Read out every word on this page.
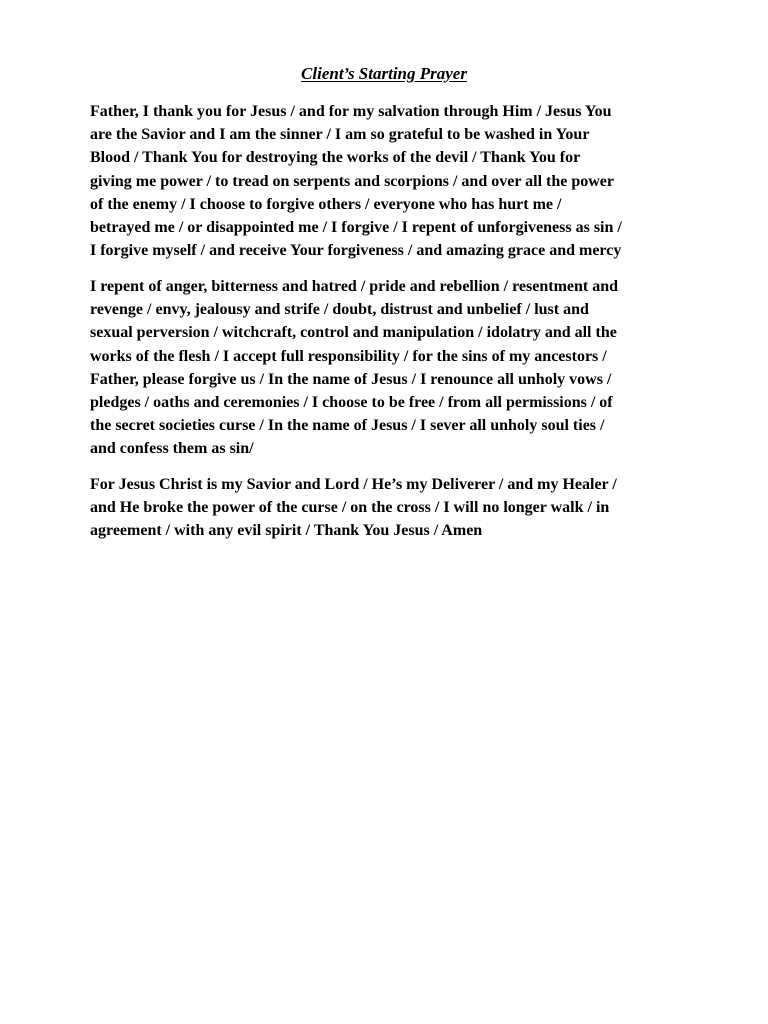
Client’s Starting Prayer

Father, I thank you for Jesus / and for my salvation through Him / Jesus You
are the Savior and I am the sinner / I am so grateful to be washed in Your
Blood / Thank You for destroying the works of the devil / Thank You for
giving me power / to tread on serpents and scorpions / and over all the power
of the enemy / I choose to forgive others / everyone who has hurt me /
betrayed me / or disappointed me / I forgive / I repent of unforgiveness as sin /
I forgive myself / and receive Your forgiveness / and amazing grace and mercy

I repent of anger, bitterness and hatred / pride and rebellion / resentment and
revenge / envy, jealousy and strife / doubt, distrust and unbelief / lust and
sexual perversion / witchcraft, control and manipulation / idolatry and all the
works of the flesh / I accept full responsibility / for the sins of my ancestors /
Father, please forgive us / In the name of Jesus / I renounce all unholy vows /
pledges / oaths and ceremonies / I choose to be free / from all permissions / of
the secret societies curse / In the name of Jesus / I sever all unholy soul ties /
and confess them as sin/

For Jesus Christ is my Savior and Lord / He’s my Deliverer / and my Healer /
and He broke the power of the curse / on the cross / I will no longer walk / in
agreement / with any evil spirit / Thank You Jesus / Amen
